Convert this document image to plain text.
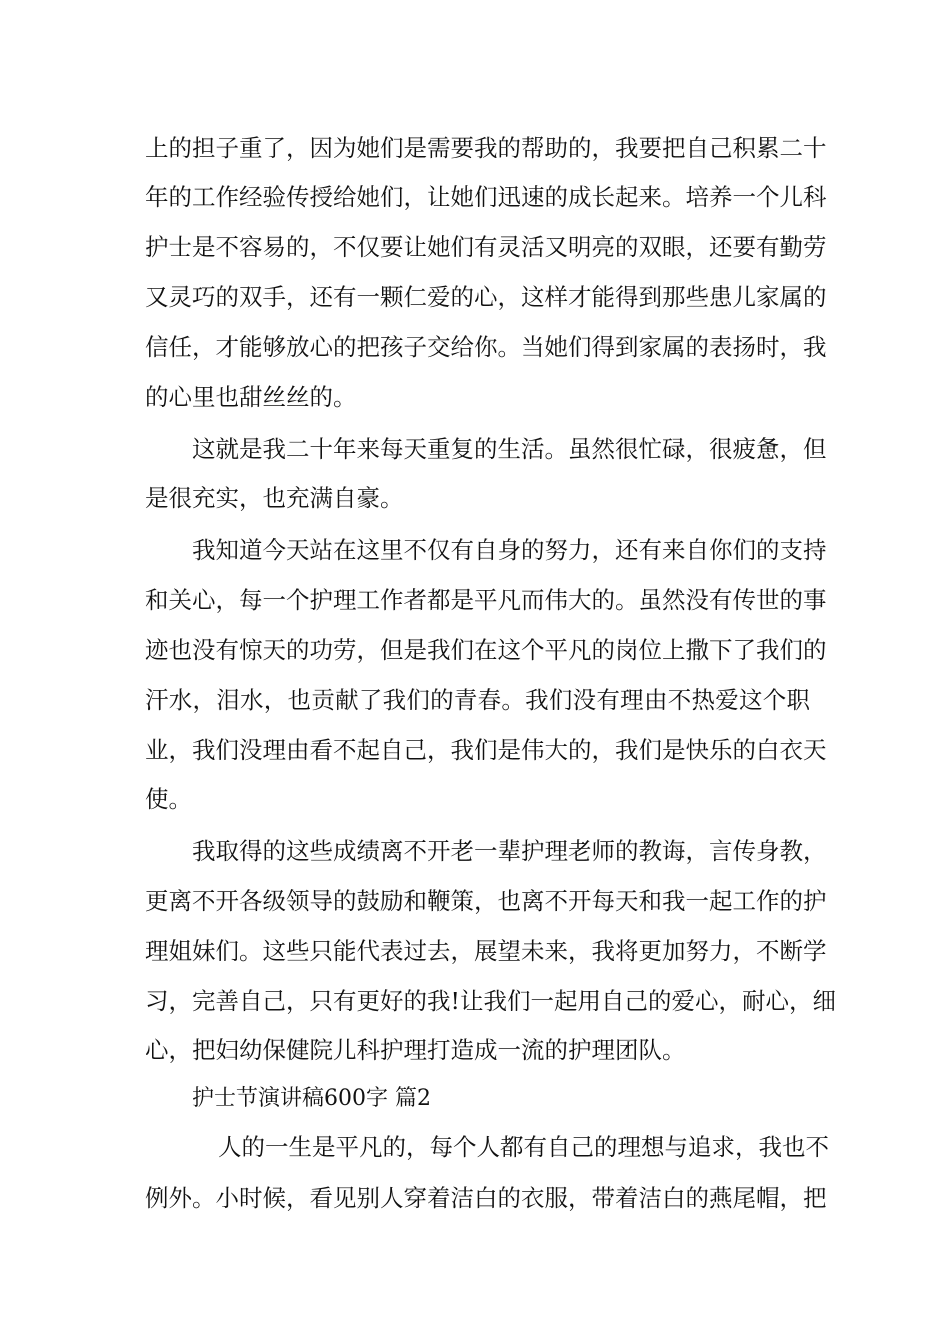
上的担子重了，因为她们是需要我的帮助的，我要把自己积累二十

年的工作经验传授给她们，让她们迅速的成长起来。培养一个儿科

护士是不容易的，不仅要让她们有灵活又明亮的双眼，还要有勤劳

又灵巧的双手，还有一颗仁爱的心，这样才能得到那些患儿家属的

信任，才能够放心的把孩子交给你。当她们得到家属的表扬时，我

的心里也甜丝丝的。

这就是我二十年来每天重复的生活。虽然很忙碌，很疲惫，但

是很充实，也充满自豪。

我知道今天站在这里不仅有自身的努力，还有来自你们的支持

和关心，每一个护理工作者都是平凡而伟大的。虽然没有传世的事

迹也没有惊天的功劳，但是我们在这个平凡的岗位上撒下了我们的

汗水，泪水，也贡献了我们的青春。我们没有理由不热爱这个职

业，我们没理由看不起自己，我们是伟大的，我们是快乐的白衣天

使。

我取得的这些成绩离不开老一辈护理老师的教诲，言传身教，

更离不开各级领导的鼓励和鞭策，也离不开每天和我一起工作的护

理姐妹们。这些只能代表过去，展望未来，我将更加努力，不断学

习，完善自己，只有更好的我!让我们一起用自己的爱心，耐心，细

心，把妇幼保健院儿科护理打造成一流的护理团队。

护士节演讲稿600字 篇2

人的一生是平凡的，每个人都有自己的理想与追求，我也不

例外。小时候，看见别人穿着洁白的衣服，带着洁白的燕尾帽，把
